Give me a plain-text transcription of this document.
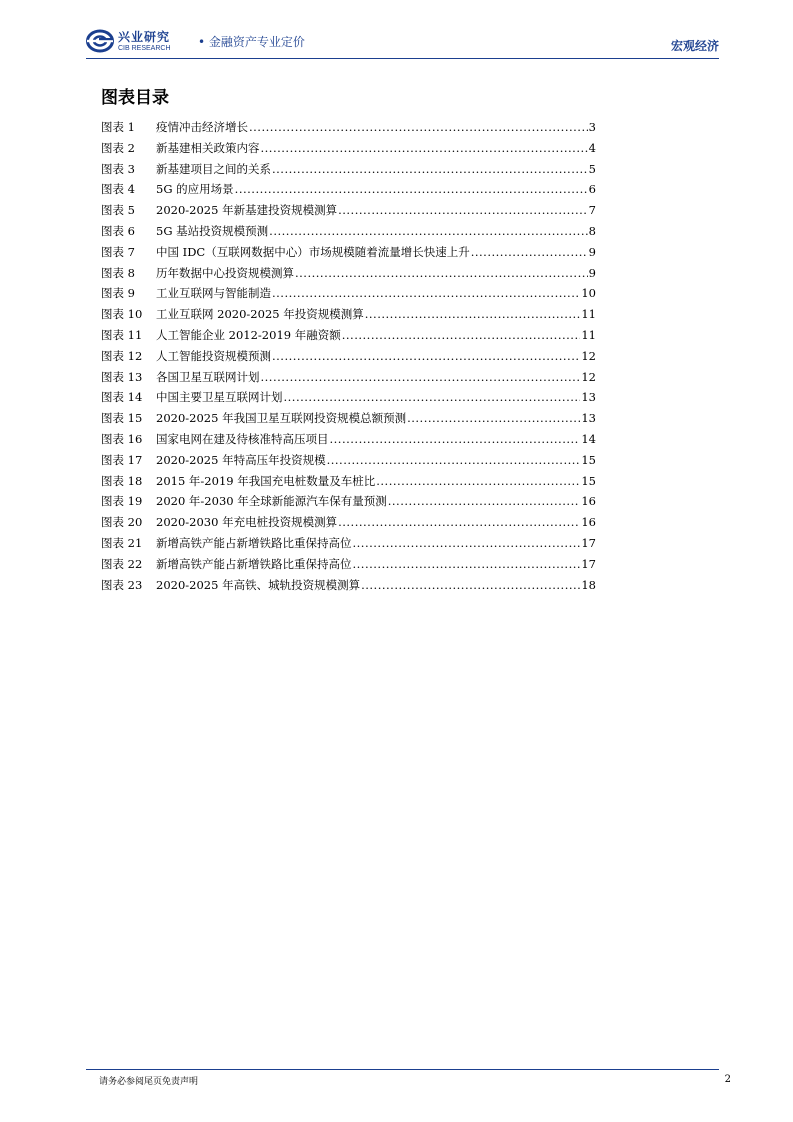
兴业研究
CIB RESEARCH • 金融资产专业定价	宏观经济
图表目录
图表 1	疫情冲击经济增长 .....	3
图表 2	新基建相关政策内容 .....	4
图表 3	新基建项目之间的关系 .....	5
图表 4	5G 的应用场景 .....	6
图表 5	2020-2025 年新基建投资规模测算 .....	7
图表 6	5G 基站投资规模预测 .....	8
图表 7	中国 IDC（互联网数据中心）市场规模随着流量增长快速上升 .....	9
图表 8	历年数据中心投资规模测算 .....	9
图表 9	工业互联网与智能制造 .....	10
图表 10	工业互联网 2020-2025 年投资规模测算 .....	11
图表 11	人工智能企业 2012-2019 年融资额 .....	11
图表 12	人工智能投资规模预测 .....	12
图表 13	各国卫星互联网计划 .....	12
图表 14	中国主要卫星互联网计划 .....	13
图表 15	2020-2025 年我国卫星互联网投资规模总额预测 .....	13
图表 16	国家电网在建及待核准特高压项目 .....	14
图表 17	2020-2025 年特高压年投资规模 .....	15
图表 18	2015 年-2019 年我国充电桩数量及车桩比 .....	15
图表 19	2020 年-2030 年全球新能源汽车保有量预测 .....	16
图表 20	2020-2030 年充电桩投资规模测算 .....	16
图表 21	新增高铁产能占新增铁路比重保持高位 .....	17
图表 22	新增高铁产能占新增铁路比重保持高位 .....	17
图表 23	2020-2025 年高铁、城轨投资规模测算 .....	18
请务必参阅尾页免责声明	2
